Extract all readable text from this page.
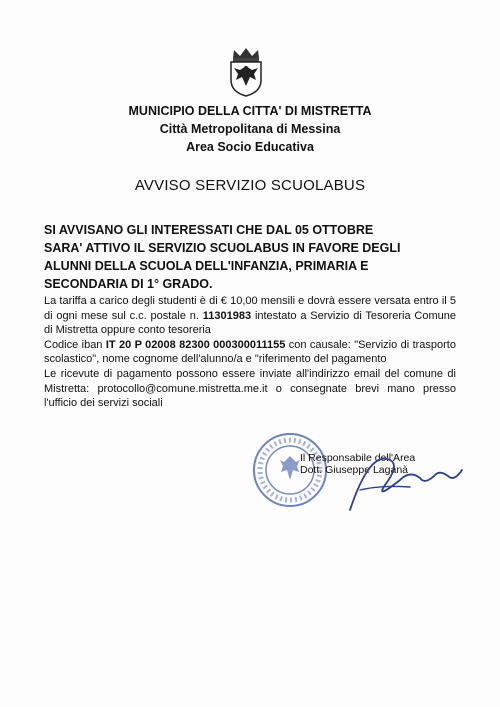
MUNICIPIO DELLA CITTA' DI MISTRETTA
Città Metropolitana di Messina
Area Socio Educativa
AVVISO SERVIZIO SCUOLABUS
SI AVVISANO GLI INTERESSATI CHE DAL 05 OTTOBRE
SARA' ATTIVO IL SERVIZIO SCUOLABUS IN FAVORE DEGLI
ALUNNI DELLA SCUOLA DELL'INFANZIA, PRIMARIA E
SECONDARIA DI 1° GRADO.

La tariffa a carico degli studenti è di € 10,00 mensili e dovrà essere versata entro il 5 di ogni mese sul c.c. postale n. 11301983 intestato a Servizio di Tesoreria Comune di Mistretta oppure conto tesoreria

Codice iban IT 20 P 02008 82300 000300011155 con causale: "Servizio di trasporto scolastico", nome cognome dell'alunno/a e "riferimento del pagamento

Le ricevute di pagamento possono essere inviate all'indirizzo email del comune di Mistretta: protocollo@comune.mistretta.me.it o consegnate brevi mano presso l'ufficio dei servizi sociali

Il Responsabile dell'Area
Dott. Giuseppe Laganà
